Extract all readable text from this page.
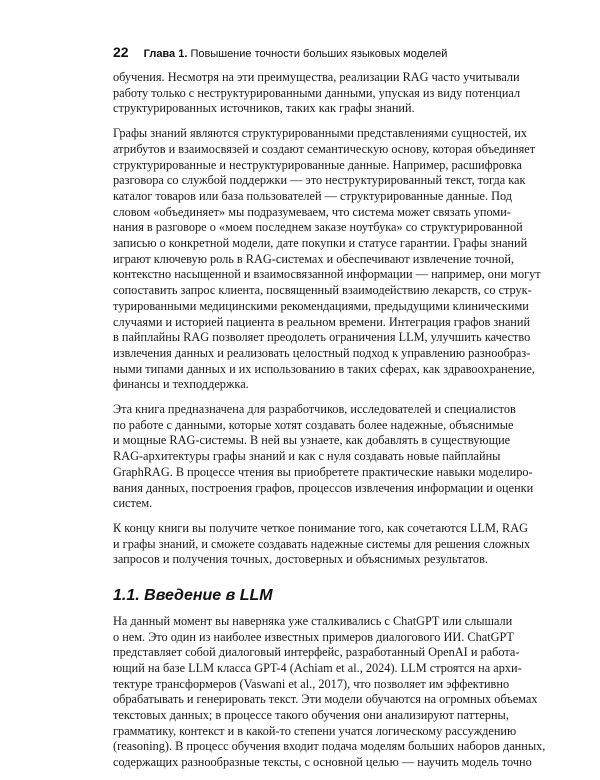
22 Глава 1. Повышение точности больших языковых моделей

обучения. Несмотря на эти преимущества, реализации RAG часто учитывали
работу только с неструктурированными данными, упуская из виду потенциал
структурированных источников, таких как графы знаний.

Графы знаний являются структурированными представлениями сущностей, их
атрибутов и взаимосвязей и создают семантическую основу, которая объединяет
структурированные и неструктурированные данные. Например, расшифровка
разговора со службой поддержки — это неструктурированный текст, тогда как
каталог товаров или база пользователей — структурированные данные. Под
словом «объединяет» мы подразумеваем, что система может связать упоми-
нания в разговоре о «моем последнем заказе ноутбука» со структурированной
записью о конкретной модели, дате покупки и статусе гарантии. Графы знаний
играют ключевую роль в RAG-системах и обеспечивают извлечение точной,
контекстно насыщенной и взаимосвязанной информации — например, они могут
сопоставить запрос клиента, посвященный взаимодействию лекарств, со струк-
турированными медицинскими рекомендациями, предыдущими клиническими
случаями и историей пациента в реальном времени. Интеграция графов знаний
в пайплайны RAG позволяет преодолеть ограничения LLM, улучшить качество
извлечения данных и реализовать целостный подход к управлению разнообраз-
ными типами данных и их использованию в таких сферах, как здравоохранение,
финансы и техподдержка.

Эта книга предназначена для разработчиков, исследователей и специалистов
по работе с данными, которые хотят создавать более надежные, объяснимые
и мощные RAG-системы. В ней вы узнаете, как добавлять в существующие
RAG-архитектуры графы знаний и как с нуля создавать новые пайплайны
GraphRAG. В процессе чтения вы приобретете практические навыки моделиро-
вания данных, построения графов, процессов извлечения информации и оценки
систем.

К концу книги вы получите четкое понимание того, как сочетаются LLM, RAG
и графы знаний, и сможете создавать надежные системы для решения сложных
запросов и получения точных, достоверных и объяснимых результатов.

1.1. Введение в LLM

На данный момент вы наверняка уже сталкивались с ChatGPT или слышали
о нем. Это один из наиболее известных примеров диалогового ИИ. ChatGPT
представляет собой диалоговый интерфейс, разработанный OpenAI и работа-
ющий на базе LLM класса GPT-4 (Achiam et al., 2024). LLM строятся на архи-
тектуре трансформеров (Vaswani et al., 2017), что позволяет им эффективно
обрабатывать и генерировать текст. Эти модели обучаются на огромных объемах
текстовых данных; в процессе такого обучения они анализируют паттерны,
грамматику, контекст и в какой-то степени учатся логическому рассуждению
(reasoning). В процесс обучения входит подача моделям больших наборов данных,
содержащих разнообразные тексты, с основной целью — научить модель точно
